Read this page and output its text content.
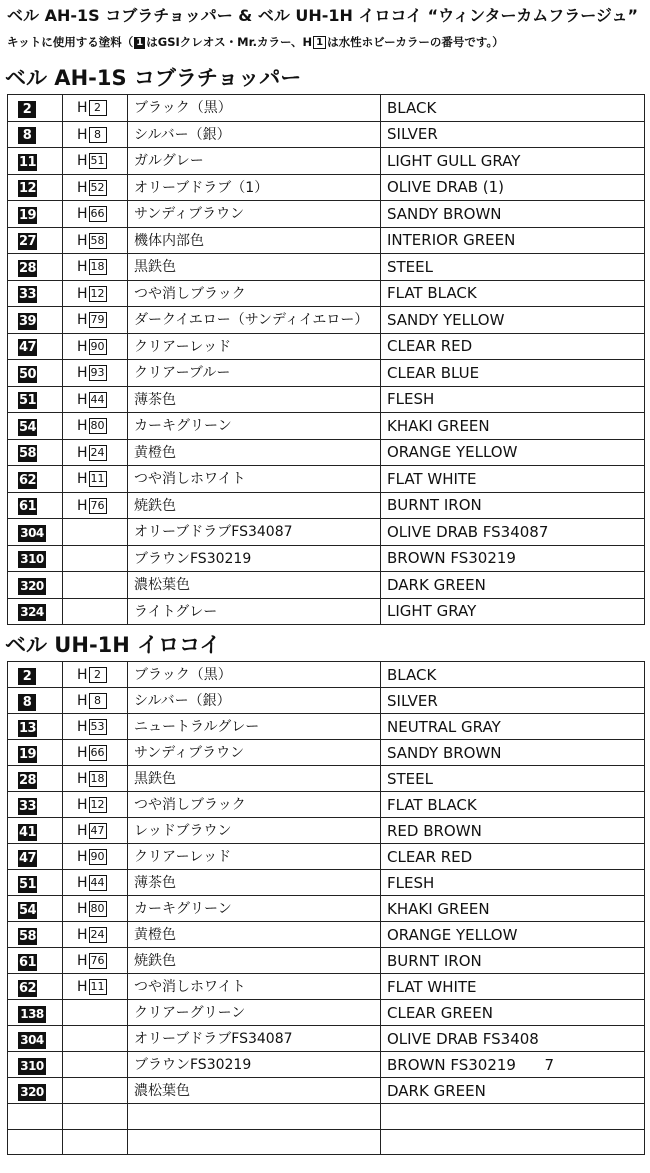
ベル AH-1S コブラチョッパー & ベル UH-1H イロコイ “ウィンターカムフラージュ”
キットに使用する塗料（ 1 はGSIクレオス・Mr.カラー、H 1 は水性ホビーカラーの番号です。）
ベル AH-1S コブラチョッパー
2	H 2	ブラック（黒）	BLACK
8	H 8	シルバー（銀）	SILVER
11	H 51	ガルグレー	LIGHT GULL GRAY
12	H 52	オリーブドラブ（1）	OLIVE DRAB (1)
19	H 66	サンディブラウン	SANDY BROWN
27	H 58	機体内部色	INTERIOR GREEN
28	H 18	黒鉄色	STEEL
33	H 12	つや消しブラック	FLAT BLACK
39	H 79	ダークイエロー（サンディイエロー）	SANDY YELLOW
47	H 90	クリアーレッド	CLEAR RED
50	H 93	クリアーブルー	CLEAR BLUE
51	H 44	薄茶色	FLESH
54	H 80	カーキグリーン	KHAKI GREEN
58	H 24	黄橙色	ORANGE YELLOW
62	H 11	つや消しホワイト	FLAT WHITE
61	H 76	焼鉄色	BURNT IRON
304		オリーブドラブFS34087	OLIVE DRAB FS34087
310		ブラウンFS30219	BROWN FS30219
320		濃松葉色	DARK GREEN
324		ライトグレー	LIGHT GRAY
ベル UH-1H イロコイ
2	H 2	ブラック（黒）	BLACK
8	H 8	シルバー（銀）	SILVER
13	H 53	ニュートラルグレー	NEUTRAL GRAY
19	H 66	サンディブラウン	SANDY BROWN
28	H 18	黒鉄色	STEEL
33	H 12	つや消しブラック	FLAT BLACK
41	H 47	レッドブラウン	RED BROWN
47	H 90	クリアーレッド	CLEAR RED
51	H 44	薄茶色	FLESH
54	H 80	カーキグリーン	KHAKI GREEN
58	H 24	黄橙色	ORANGE YELLOW
61	H 76	焼鉄色	BURNT IRON
62	H 11	つや消しホワイト	FLAT WHITE
138		クリアーグリーン	CLEAR GREEN
304		オリーブドラブFS34087	OLIVE DRAB FS3408
310		ブラウンFS30219	BROWN FS30219      7
320		濃松葉色	DARK GREEN
